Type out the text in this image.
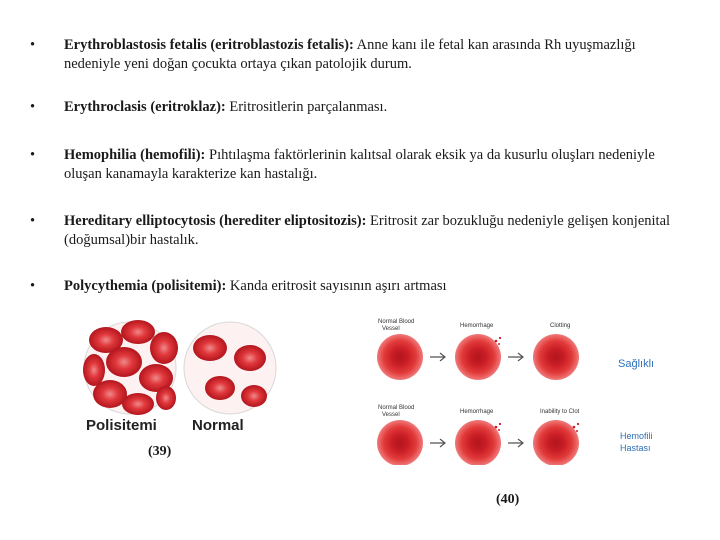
• Erythroblastosis fetalis (eritroblastozis fetalis): Anne kanı ile fetal kan arasında Rh uyuşmazlığı nedeniyle yeni doğan çocukta ortaya çıkan patolojik durum.
• Erythroclasis (eritroklaz): Eritrositlerin parçalanması.
• Hemophilia (hemofili): Pıhtılaşma faktörlerinin kalıtsal olarak eksik ya da kusurlu oluşları nedeniyle oluşan kanamayla karakterize kan hastalığı.
• Hereditary elliptocytosis (herediter eliptositozis): Eritrosit zar bozukluğu nedeniyle gelişen konjenital (doğumsal)bir hastalık.
• Polycythemia (polisitemi): Kanda eritrosit sayısının aşırı artması
Polisitemi Normal
(39)
Normal Blood
Vessel	Hemorrhage	Clotting
Sağlıklı
Normal Blood
Vessel	Hemorrhage	Inability to Clot
Hemofili
Hastası
(40)
